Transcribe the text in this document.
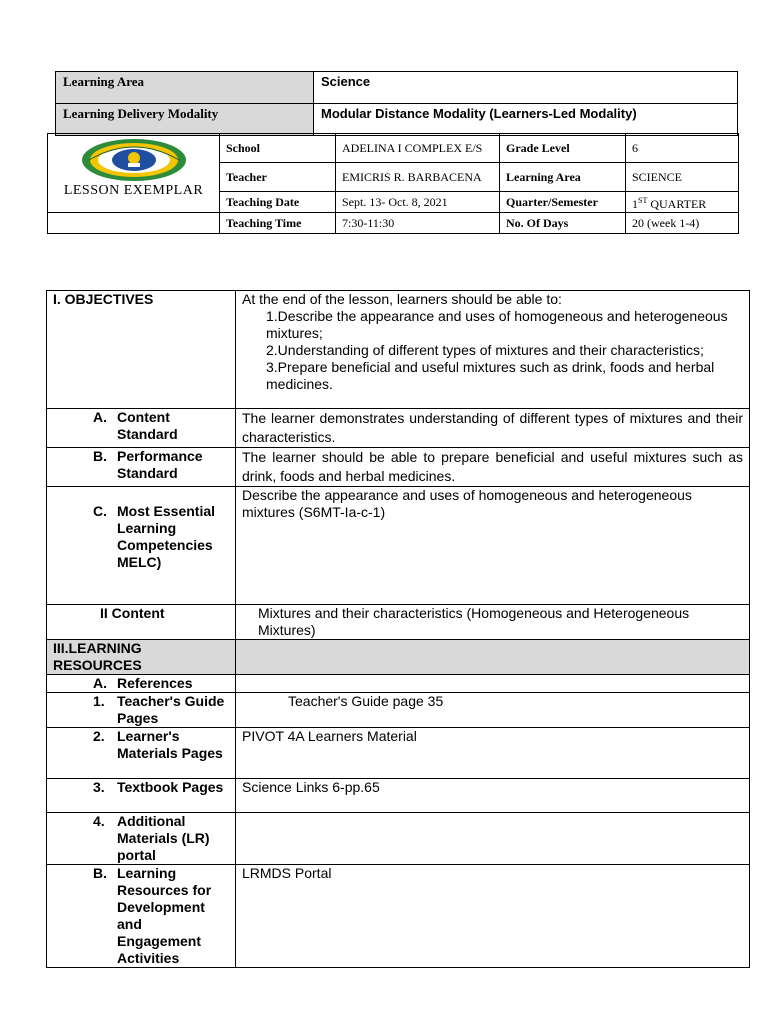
Learning Area	Science
Learning Delivery Modality	Modular Distance Modality (Learners-Led Modality)
LESSON EXEMPLAR	School	ADELINA I COMPLEX E/S	Grade Level	6
	Teacher	EMICRIS R. BARBACENA	Learning Area	SCIENCE
	Teaching Date	Sept. 13- Oct. 8, 2021	Quarter/Semester	1ST QUARTER
	Teaching Time	7:30-11:30	No. Of Days	20 (week 1-4)
I. OBJECTIVES	At the end of the lesson, learners should be able to:
1.Describe the appearance and uses of homogeneous and heterogeneous mixtures;
2.Understanding of different types of mixtures and their characteristics;
3.Prepare beneficial and useful mixtures such as drink, foods and herbal medicines.

A. Content Standard	The learner demonstrates understanding of different types of mixtures and their characteristics.

B. Performance Standard	The learner should be able to prepare beneficial and useful mixtures such as drink, foods and herbal medicines.

C. Most Essential Learning Competencies MELC)	Describe the appearance and uses of homogeneous and heterogeneous mixtures (S6MT-Ia-c-1)
II Content	Mixtures and their characteristics (Homogeneous and Heterogeneous Mixtures)
III.LEARNING RESOURCES	

A. References	

1. Teacher's Guide Pages	Teacher's Guide page 35

2. Learner's Materials Pages	PIVOT 4A Learners Material

3. Textbook Pages	Science Links 6-pp.65

4. Additional Materials (LR) portal	

B. Learning Resources for Development and Engagement Activities	LRMDS Portal
